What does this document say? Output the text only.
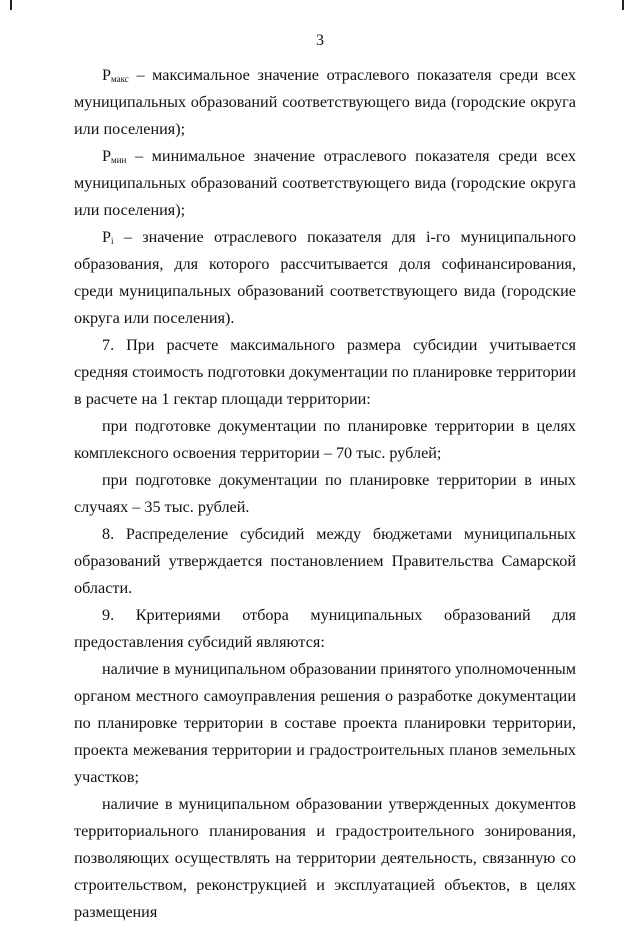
3

$P_{макс}$ – максимальное значение отраслевого показателя среди всех муниципальных образований соответствующего вида (городские округа или поселения);

$P_{мин}$ – минимальное значение отраслевого показателя среди всех муниципальных образований соответствующего вида (городские округа или поселения);

$P_i$ – значение отраслевого показателя для i-го муниципального образования, для которого рассчитывается доля софинансирования, среди муниципальных образований соответствующего вида (городские округа или поселения).

7. При расчете максимального размера субсидии учитывается средняя стоимость подготовки документации по планировке территории в расчете на 1 гектар площади территории:

при подготовке документации по планировке территории в целях комплексного освоения территории – 70 тыс. рублей;

при подготовке документации по планировке территории в иных случаях – 35 тыс. рублей.

8. Распределение субсидий между бюджетами муниципальных образований утверждается постановлением Правительства Самарской области.

9. Критериями отбора муниципальных образований для предоставления субсидий являются:

наличие в муниципальном образовании принятого уполномоченным органом местного самоуправления решения о разработке документации по планировке территории в составе проекта планировки территории, проекта межевания территории и градостроительных планов земельных участков;

наличие в муниципальном образовании утвержденных документов территориального планирования и градостроительного зонирования, позволяющих осуществлять на территории деятельность, связанную со строительством, реконструкцией и эксплуатацией объектов, в целях размещения
